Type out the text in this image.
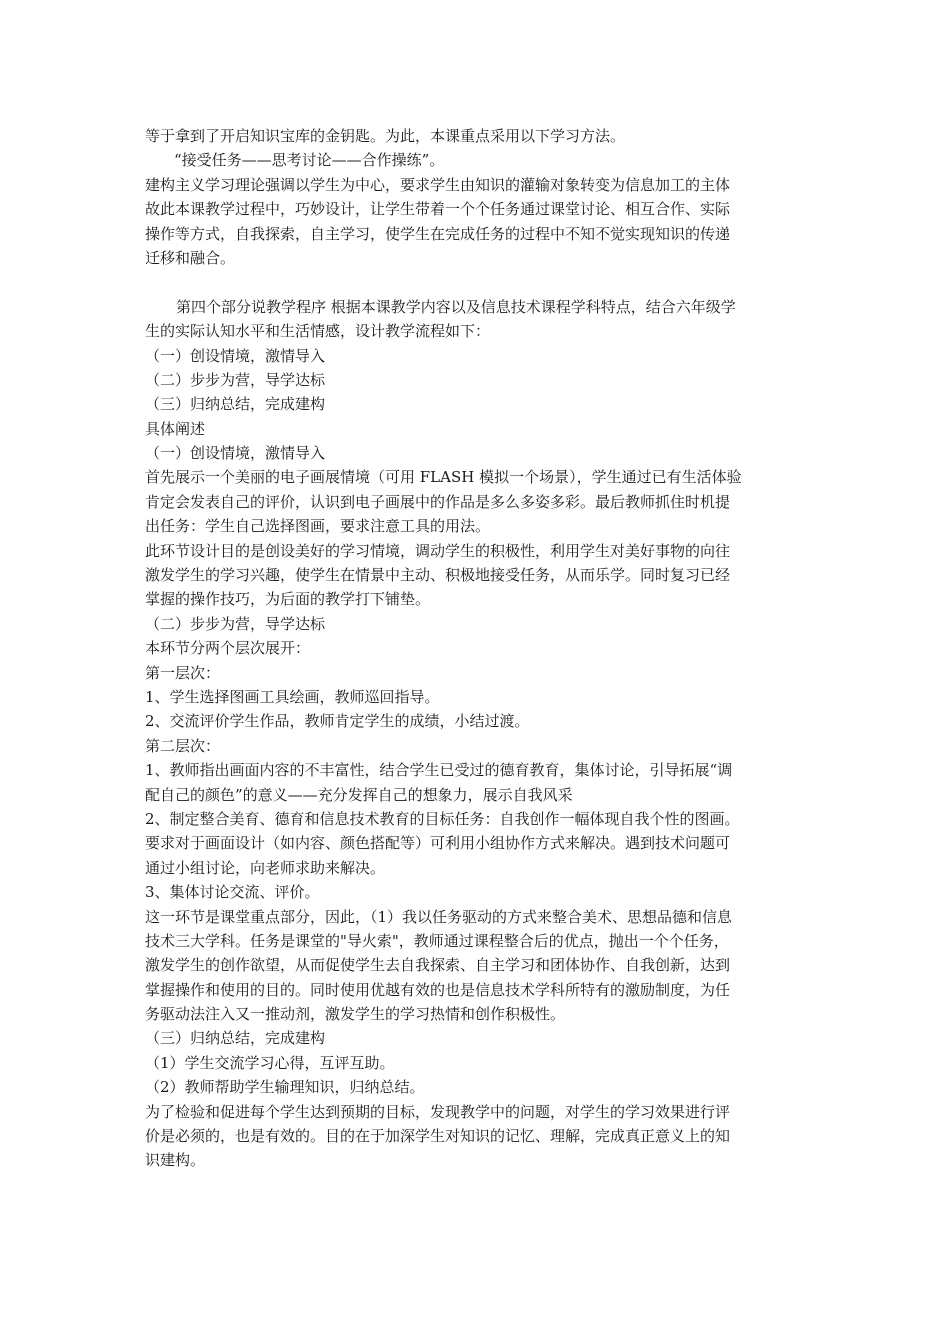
等于拿到了开启知识宝库的金钥匙。为此，本课重点采用以下学习方法。
“接受任务——思考讨论——合作操练”。
建构主义学习理论强调以学生为中心，要求学生由知识的灌输对象转变为信息加工的主体
故此本课教学过程中，巧妙设计，让学生带着一个个任务通过课堂讨论、相互合作、实际
操作等方式，自我探索，自主学习，使学生在完成任务的过程中不知不觉实现知识的传递
迁移和融合。
第四个部分说教学程序 根据本课教学内容以及信息技术课程学科特点，结合六年级学
生的实际认知水平和生活情感，设计教学流程如下：
（一）创设情境，激情导入
（二）步步为营，导学达标
（三）归纳总结，完成建构
具体阐述
（一）创设情境，激情导入
首先展示一个美丽的电子画展情境（可用 FLASH 模拟一个场景），学生通过已有生活体验
肯定会发表自己的评价，认识到电子画展中的作品是多么多姿多彩。最后教师抓住时机提
出任务：学生自己选择图画，要求注意工具的用法。
此环节设计目的是创设美好的学习情境，调动学生的积极性，利用学生对美好事物的向往
激发学生的学习兴趣，使学生在情景中主动、积极地接受任务，从而乐学。同时复习已经
掌握的操作技巧，为后面的教学打下铺垫。
（二）步步为营，导学达标
本环节分两个层次展开：
第一层次：
1、学生选择图画工具绘画，教师巡回指导。
2、交流评价学生作品，教师肯定学生的成绩，小结过渡。
第二层次：
1、教师指出画面内容的不丰富性，结合学生已受过的德育教育，集体讨论，引导拓展“调
配自己的颜色”的意义——充分发挥自己的想象力，展示自我风采
2、制定整合美育、德育和信息技术教育的目标任务：自我创作一幅体现自我个性的图画。
要求对于画面设计（如内容、颜色搭配等）可利用小组协作方式来解决。遇到技术问题可
通过小组讨论，向老师求助来解决。
3、集体讨论交流、评价。
这一环节是课堂重点部分，因此，（1）我以任务驱动的方式来整合美术、思想品德和信息
技术三大学科。任务是课堂的"导火索"，教师通过课程整合后的优点，抛出一个个任务，
激发学生的创作欲望，从而促使学生去自我探索、自主学习和团体协作、自我创新，达到
掌握操作和使用的目的。同时使用优越有效的也是信息技术学科所特有的激励制度，为任
务驱动法注入又一推动剂，激发学生的学习热情和创作积极性。
（三）归纳总结，完成建构
（1）学生交流学习心得，互评互助。
（2）教师帮助学生输理知识，归纳总结。
为了检验和促进每个学生达到预期的目标，发现教学中的问题，对学生的学习效果进行评
价是必须的，也是有效的。目的在于加深学生对知识的记忆、理解，完成真正意义上的知
识建构。
